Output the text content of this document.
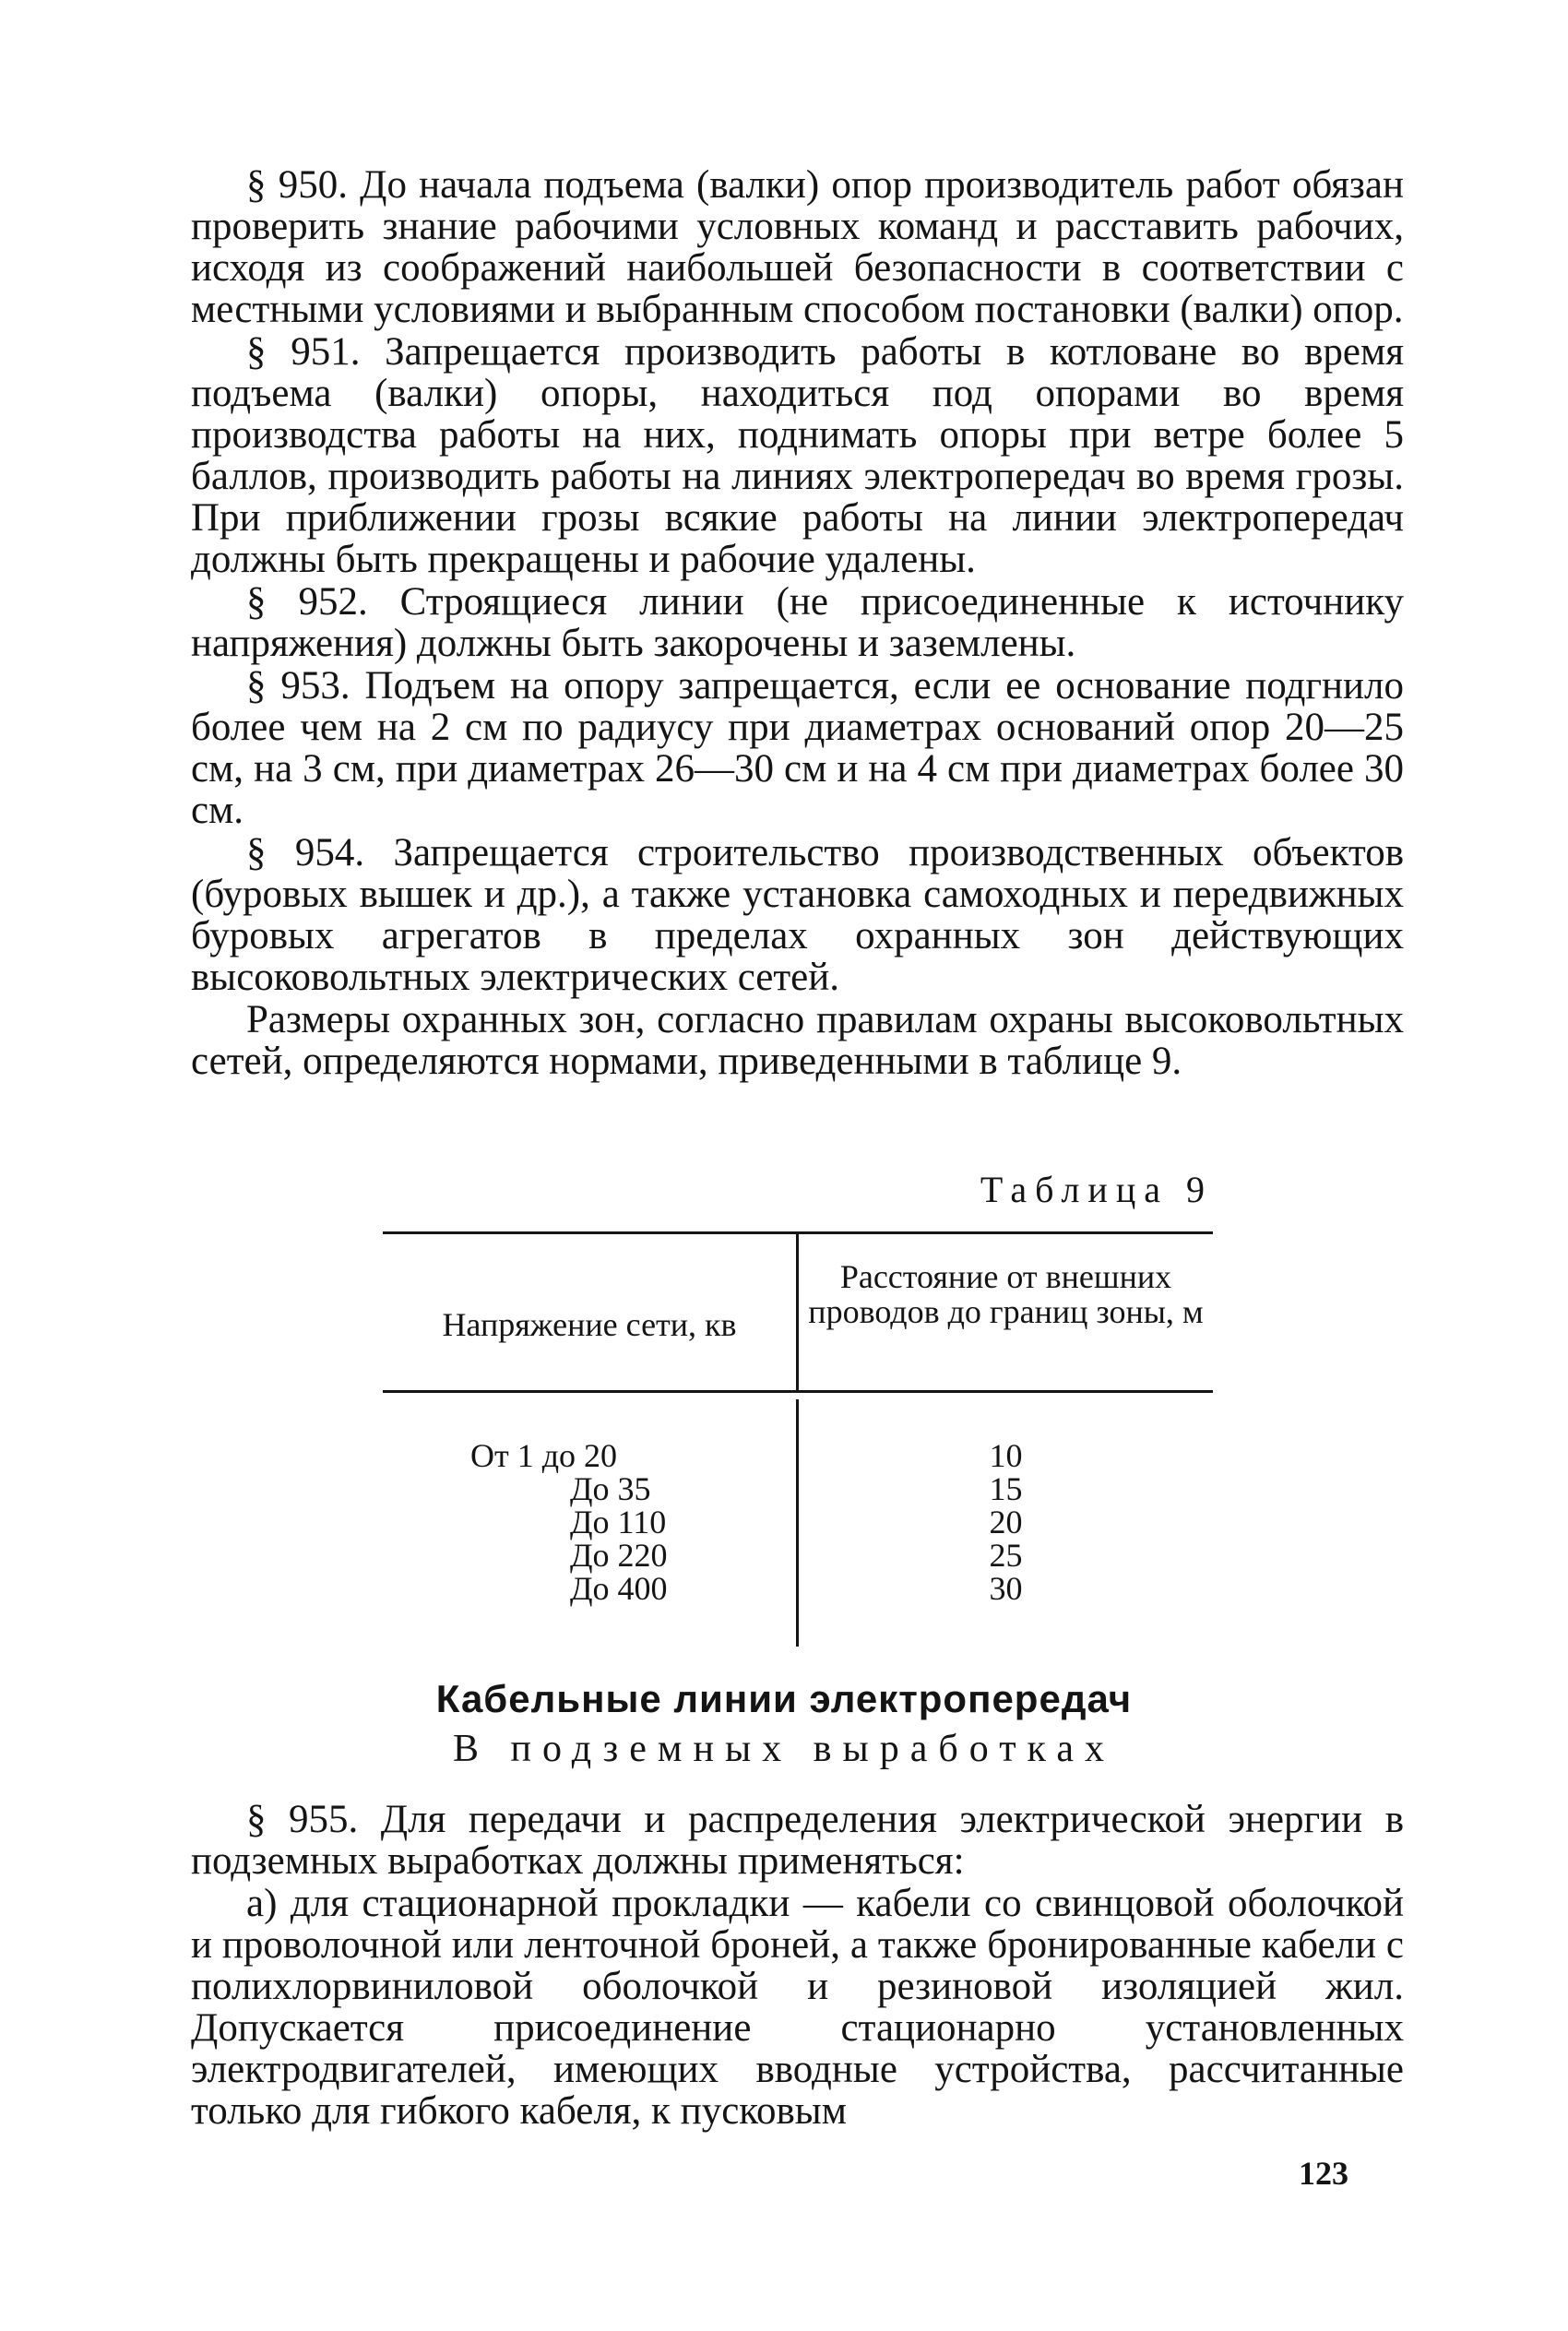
§ 950. До начала подъема (валки) опор производитель работ обязан проверить знание рабочими условных команд и расставить рабочих, исходя из соображений наибольшей безопасности в соответствии с местными условиями и выбранным способом постановки (валки) опор.

§ 951. Запрещается производить работы в котловане во время подъема (валки) опоры, находиться под опорами во время производства работы на них, поднимать опоры при ветре более 5 баллов, производить работы на линиях электропередач во время грозы. При приближении грозы всякие работы на линии электропередач должны быть прекращены и рабочие удалены.

§ 952. Строящиеся линии (не присоединенные к источнику напряжения) должны быть закорочены и заземлены.

§ 953. Подъем на опору запрещается, если ее основание подгнило более чем на 2 см по радиусу при диаметрах оснований опор 20—25 см, на 3 см, при диаметрах 26—30 см и на 4 см при диаметрах более 30 см.

§ 954. Запрещается строительство производственных объектов (буровых вышек и др.), а также установка самоходных и передвижных буровых агрегатов в пределах охранных зон действующих высоковольтных электрических сетей.

Размеры охранных зон, согласно правилам охраны высоковольтных сетей, определяются нормами, приведенными в таблице 9.

Таблица 9
Напряжение сети, кв
Расстояние от внешних проводов до границ зоны, м
От 1 до 20
До 35
До 110
До 220
До 400
10
15
20
25
30
Кабельные линии электропередач
В подземных выработках

§ 955. Для передачи и распределения электрической энергии в подземных выработках должны применяться:

а) для стационарной прокладки — кабели со свинцовой оболочкой и проволочной или ленточной броней, а также бронированные кабели с полихлорвиниловой оболочкой и резиновой изоляцией жил. Допускается присоединение стационарно установленных электродвигателей, имеющих вводные устройства, рассчитанные только для гибкого кабеля, к пусковым

123
